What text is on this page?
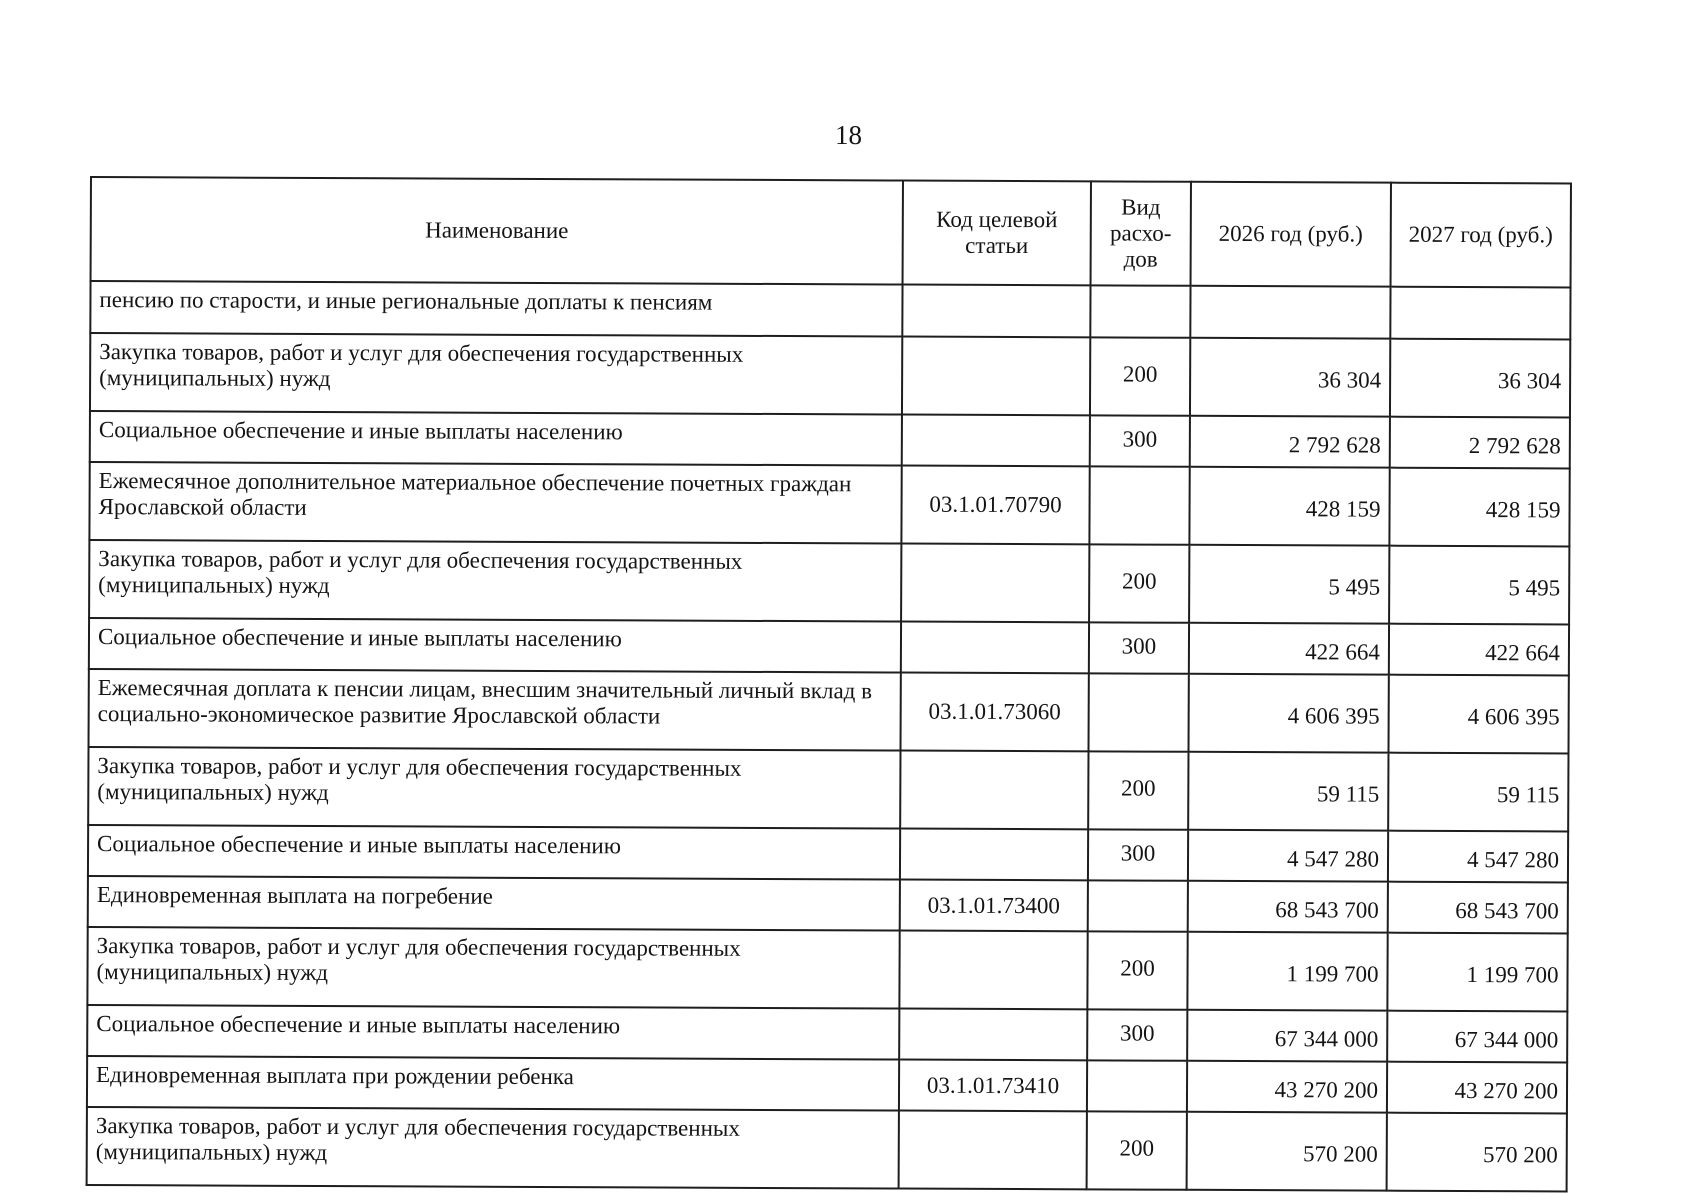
18
Наименование	Код целевой статьи	Вид расхо-дов	2026 год (руб.)	2027 год (руб.)
пенсию по старости, и иные региональные доплаты к пенсиям				
Закупка товаров, работ и услуг для обеспечения государственных (муниципальных) нужд		200	36 304	36 304
Социальное обеспечение и иные выплаты населению		300	2 792 628	2 792 628
Ежемесячное дополнительное материальное обеспечение почетных граждан Ярославской области	03.1.01.70790		428 159	428 159
Закупка товаров, работ и услуг для обеспечения государственных (муниципальных) нужд		200	5 495	5 495
Социальное обеспечение и иные выплаты населению		300	422 664	422 664
Ежемесячная доплата к пенсии лицам, внесшим значительный личный вклад в социально-экономическое развитие Ярославской области	03.1.01.73060		4 606 395	4 606 395
Закупка товаров, работ и услуг для обеспечения государственных (муниципальных) нужд		200	59 115	59 115
Социальное обеспечение и иные выплаты населению		300	4 547 280	4 547 280
Единовременная выплата на погребение	03.1.01.73400		68 543 700	68 543 700
Закупка товаров, работ и услуг для обеспечения государственных (муниципальных) нужд		200	1 199 700	1 199 700
Социальное обеспечение и иные выплаты населению		300	67 344 000	67 344 000
Единовременная выплата при рождении ребенка	03.1.01.73410		43 270 200	43 270 200
Закупка товаров, работ и услуг для обеспечения государственных (муниципальных) нужд		200	570 200	570 200
